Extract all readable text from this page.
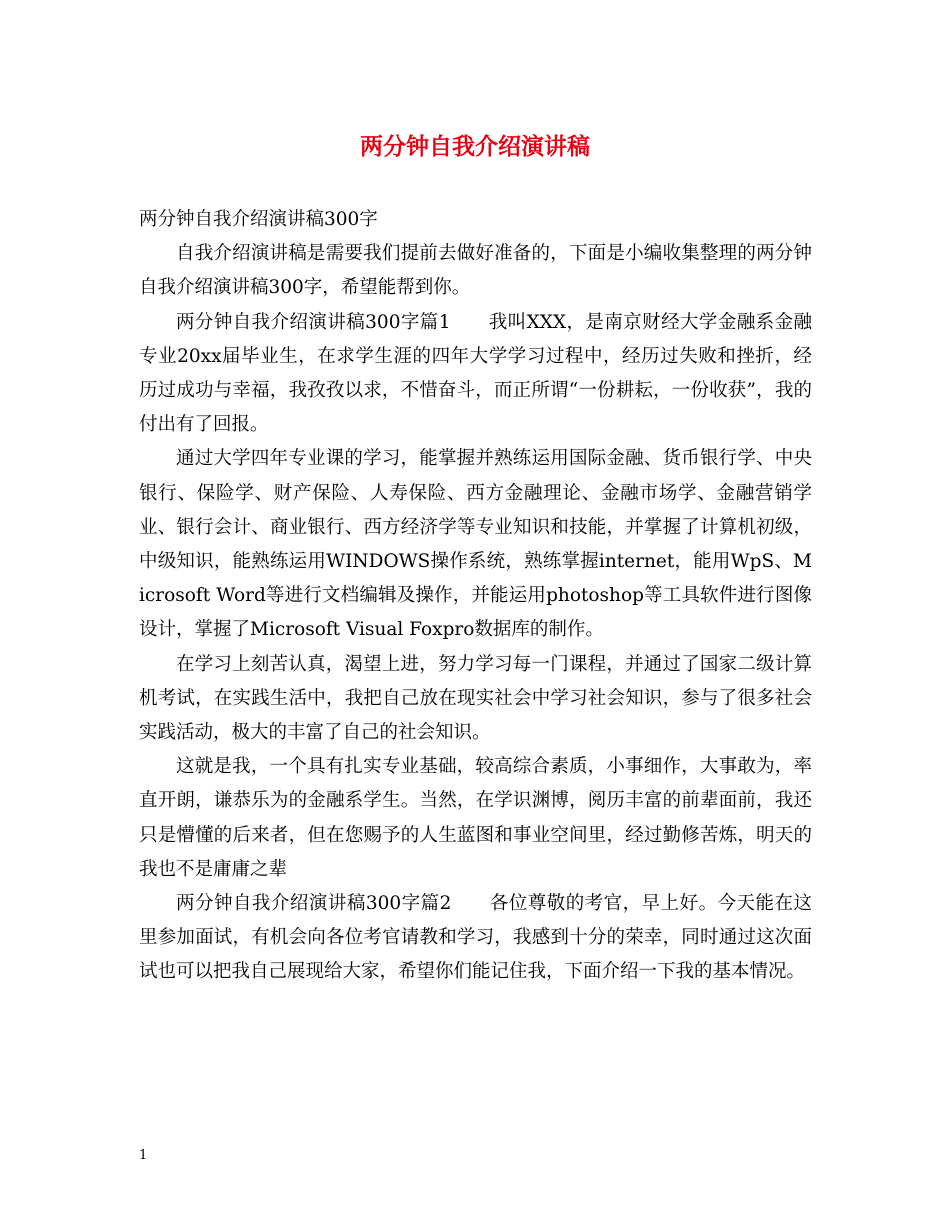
两分钟自我介绍演讲稿

两分钟自我介绍演讲稿300字

自我介绍演讲稿是需要我们提前去做好准备的，下面是小编收集整理的两分钟自我介绍演讲稿300字，希望能帮到你。

两分钟自我介绍演讲稿300字篇1　　我叫XXX，是南京财经大学金融系金融专业20xx届毕业生，在求学生涯的四年大学学习过程中，经历过失败和挫折，经历过成功与幸福，我孜孜以求，不惜奋斗，而正所谓“一份耕耘，一份收获”，我的付出有了回报。

通过大学四年专业课的学习，能掌握并熟练运用国际金融、货币银行学、中央银行、保险学、财产保险、人寿保险、西方金融理论、金融市场学、金融营销学业、银行会计、商业银行、西方经济学等专业知识和技能，并掌握了计算机初级，中级知识，能熟练运用WINDOWS操作系统，熟练掌握internet，能用WpS、Microsoft Word等进行文档编辑及操作，并能运用photoshop等工具软件进行图像设计，掌握了Microsoft Visual Foxpro数据库的制作。

在学习上刻苦认真，渴望上进，努力学习每一门课程，并通过了国家二级计算机考试，在实践生活中，我把自己放在现实社会中学习社会知识，参与了很多社会实践活动，极大的丰富了自己的社会知识。

这就是我，一个具有扎实专业基础，较高综合素质，小事细作，大事敢为，率直开朗，谦恭乐为的金融系学生。当然，在学识渊博，阅历丰富的前辈面前，我还只是懵懂的后来者，但在您赐予的人生蓝图和事业空间里，经过勤修苦炼，明天的我也不是庸庸之辈

两分钟自我介绍演讲稿300字篇2　　各位尊敬的考官，早上好。今天能在这里参加面试，有机会向各位考官请教和学习，我感到十分的荣幸，同时通过这次面试也可以把我自己展现给大家，希望你们能记住我，下面介绍一下我的基本情况。

1
